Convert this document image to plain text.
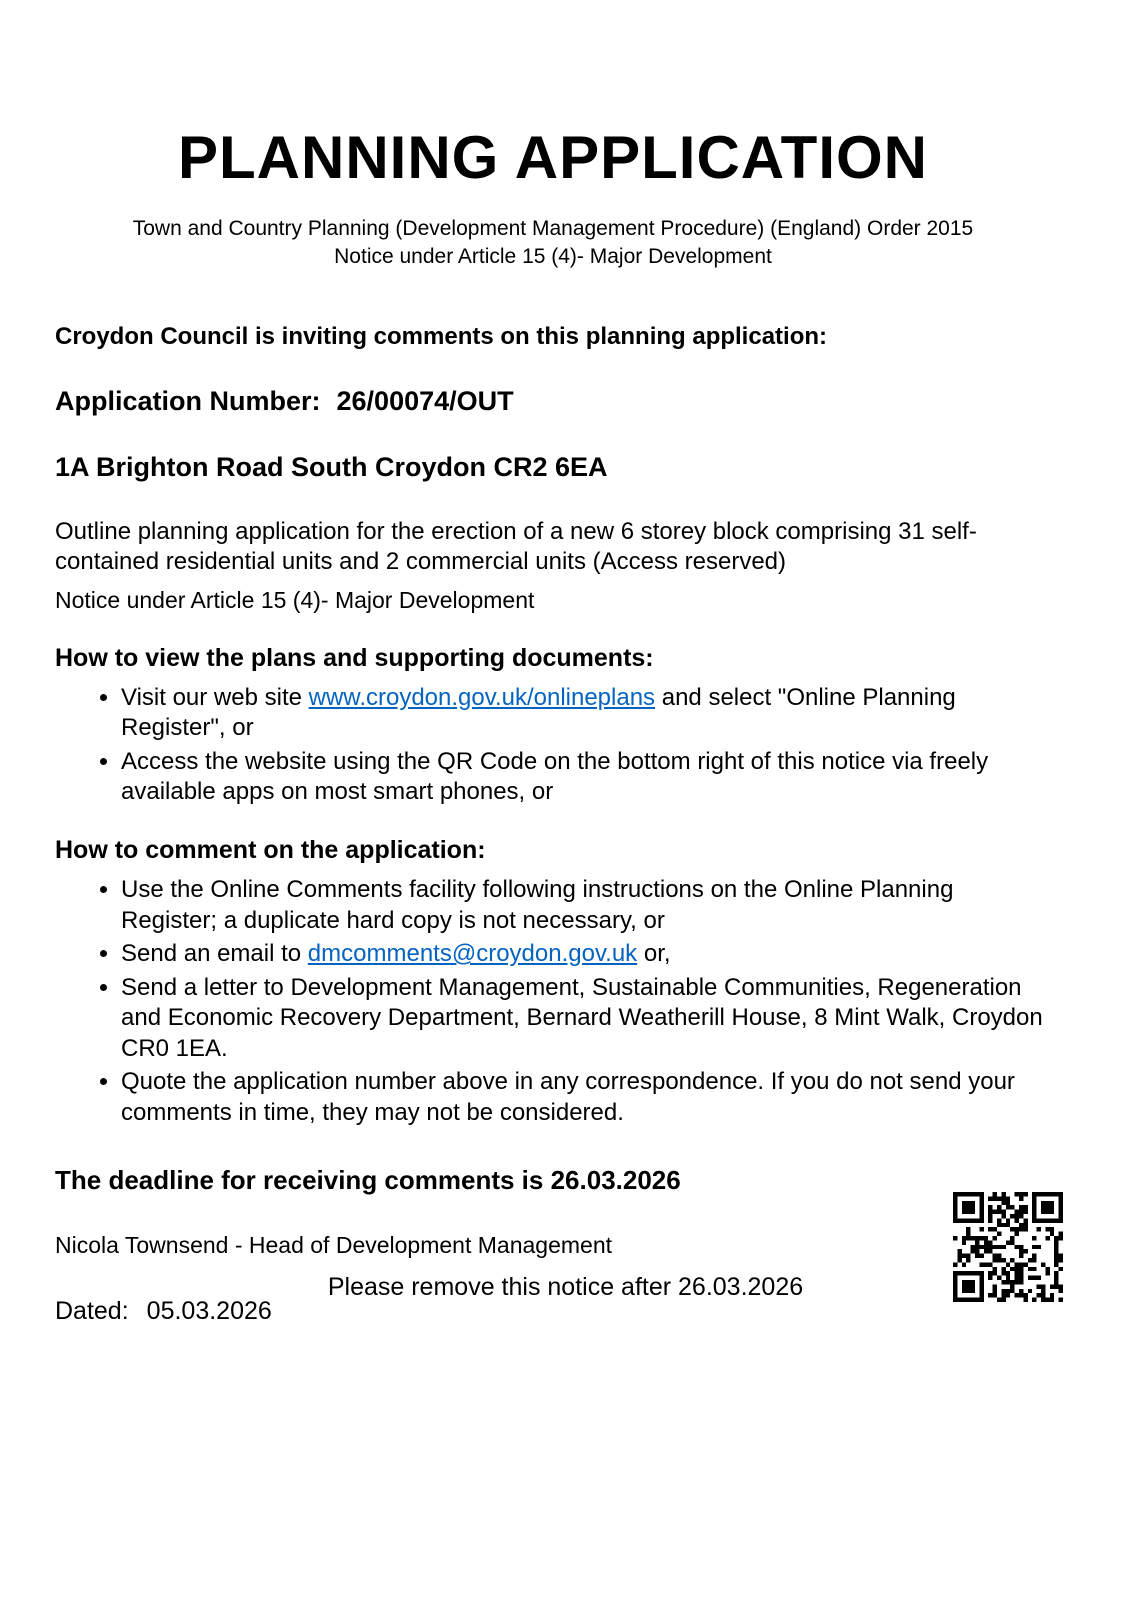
PLANNING APPLICATION
Town and Country Planning (Development Management Procedure) (England) Order 2015
Notice under Article 15 (4)- Major Development
Croydon Council is inviting comments on this planning application:
Application Number: 26/00074/OUT
1A Brighton Road South Croydon CR2 6EA
Outline planning application for the erection of a new 6 storey block comprising 31 self-contained residential units and 2 commercial units (Access reserved)
Notice under Article 15 (4)- Major Development
How to view the plans and supporting documents:
• Visit our web site www.croydon.gov.uk/onlineplans and select "Online Planning Register", or
• Access the website using the QR Code on the bottom right of this notice via freely available apps on most smart phones, or
How to comment on the application:
• Use the Online Comments facility following instructions on the Online Planning Register; a duplicate hard copy is not necessary, or
• Send an email to dmcomments@croydon.gov.uk or,
• Send a letter to Development Management, Sustainable Communities, Regeneration and Economic Recovery Department, Bernard Weatherill House, 8 Mint Walk, Croydon CR0 1EA.
• Quote the application number above in any correspondence. If you do not send your comments in time, they may not be considered.
The deadline for receiving comments is 26.03.2026
Nicola Townsend - Head of Development Management
Dated: 05.03.2026
Please remove this notice after 26.03.2026
